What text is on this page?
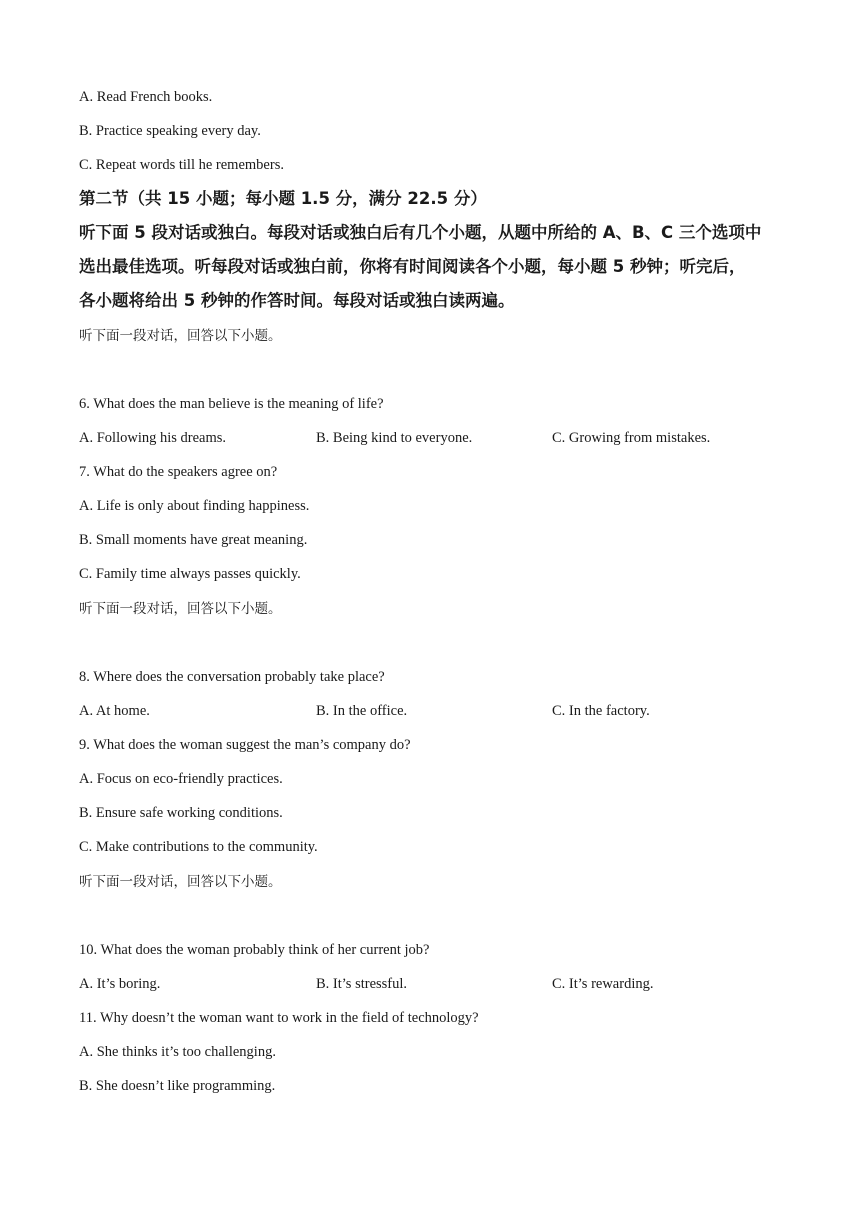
A. Read French books.
B. Practice speaking every day.
C. Repeat words till he remembers.
第二节（共 15 小题；每小题 1.5 分，满分 22.5 分）
听下面 5 段对话或独白。每段对话或独白后有几个小题，从题中所给的 A、B、C 三个选项中
选出最佳选项。听每段对话或独白前，你将有时间阅读各个小题，每小题 5 秒钟；听完后，
各小题将给出 5 秒钟的作答时间。每段对话或独白读两遍。
听下面一段对话，回答以下小题。
6. What does the man believe is the meaning of life?
A. Following his dreams.	B. Being kind to everyone.	C. Growing from mistakes.
7. What do the speakers agree on?
A. Life is only about finding happiness.
B. Small moments have great meaning.
C. Family time always passes quickly.
听下面一段对话，回答以下小题。
8. Where does the conversation probably take place?
A. At home.	B. In the office.	C. In the factory.
9. What does the woman suggest the man’s company do?
A. Focus on eco-friendly practices.
B. Ensure safe working conditions.
C. Make contributions to the community.
听下面一段对话，回答以下小题。
10. What does the woman probably think of her current job?
A. It’s boring.	B. It’s stressful.	C. It’s rewarding.
11. Why doesn’t the woman want to work in the field of technology?
A. She thinks it’s too challenging.
B. She doesn’t like programming.
